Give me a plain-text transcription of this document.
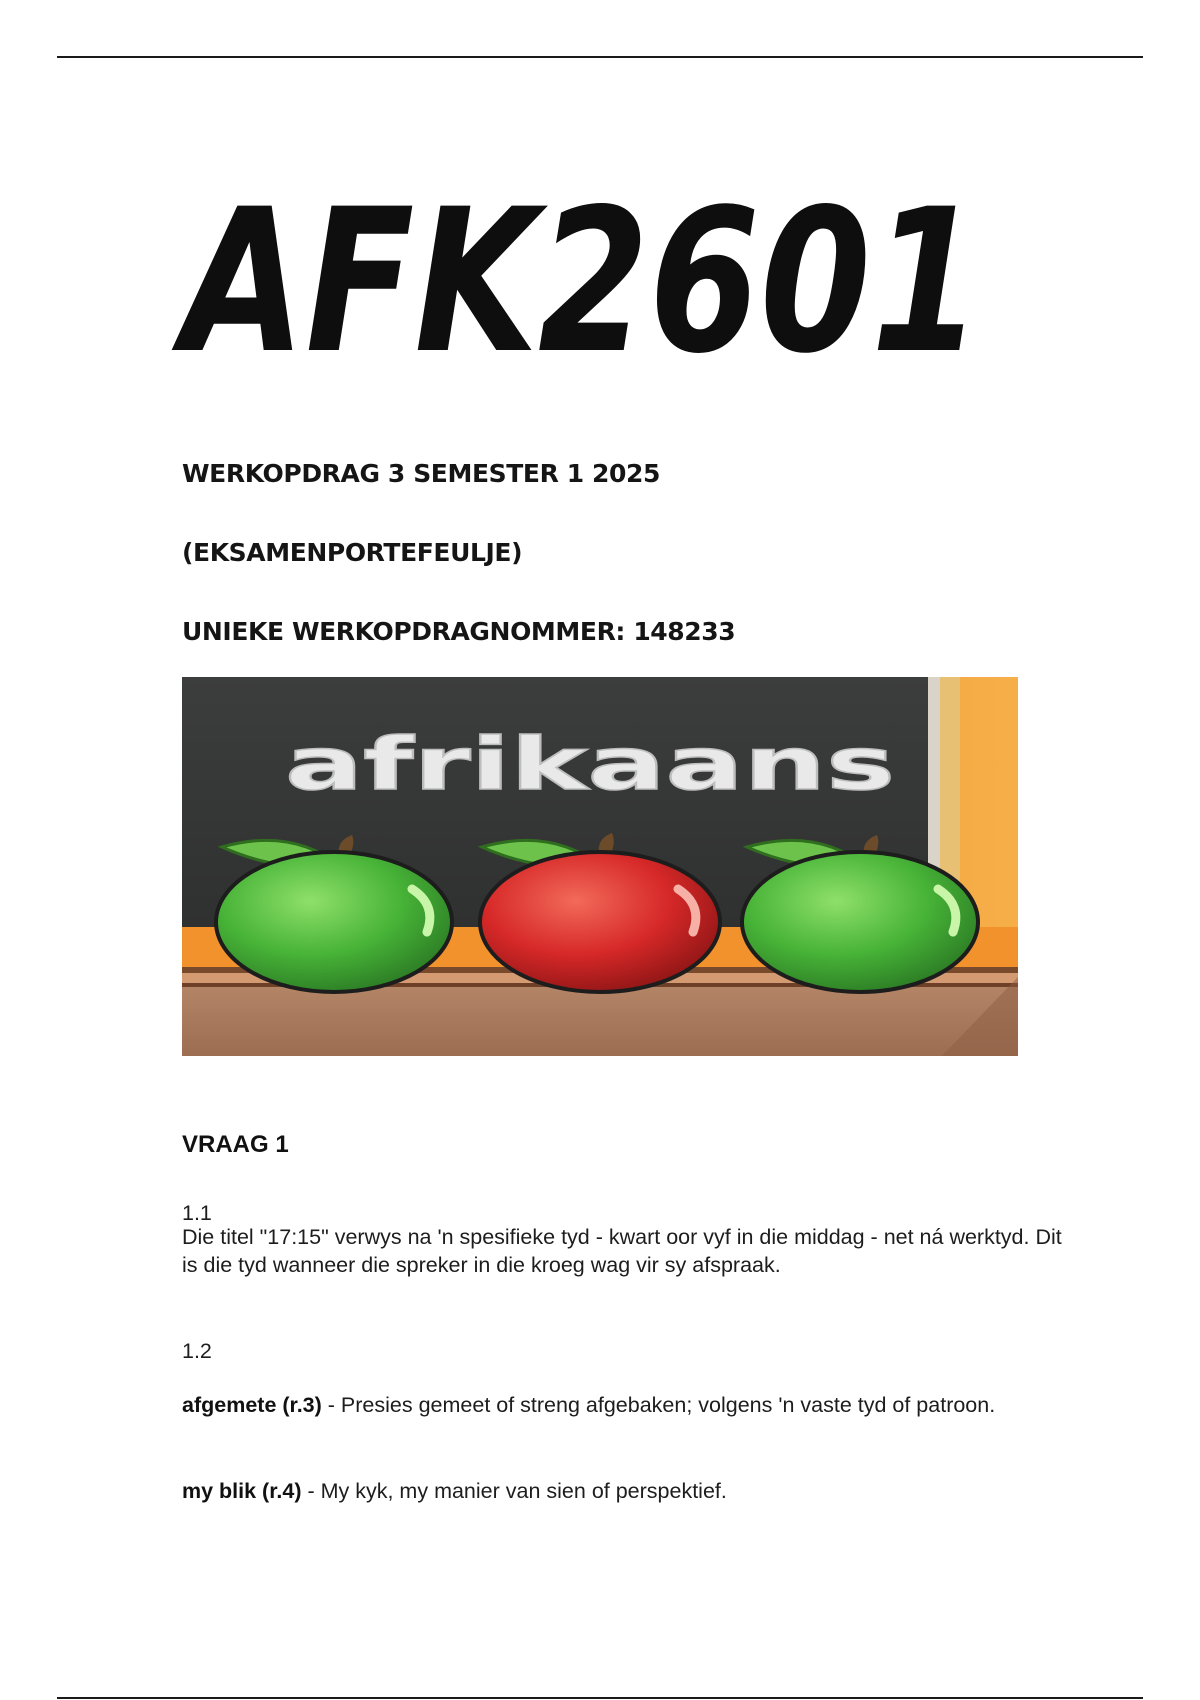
AFK2601
WERKOPDRAG 3 SEMESTER 1 2025
(EKSAMENPORTEFEULJE)
UNIEKE WERKOPDRAGNOMMER: 148233
afrikaans
VRAAG 1
1.1
Die titel "17:15" verwys na 'n spesifieke tyd - kwart oor vyf in die middag - net ná werktyd. Dit is die tyd wanneer die spreker in die kroeg wag vir sy afspraak.
1.2
afgemete (r.3) - Presies gemeet of streng afgebaken; volgens 'n vaste tyd of patroon.
my blik (r.4) - My kyk, my manier van sien of perspektief.
